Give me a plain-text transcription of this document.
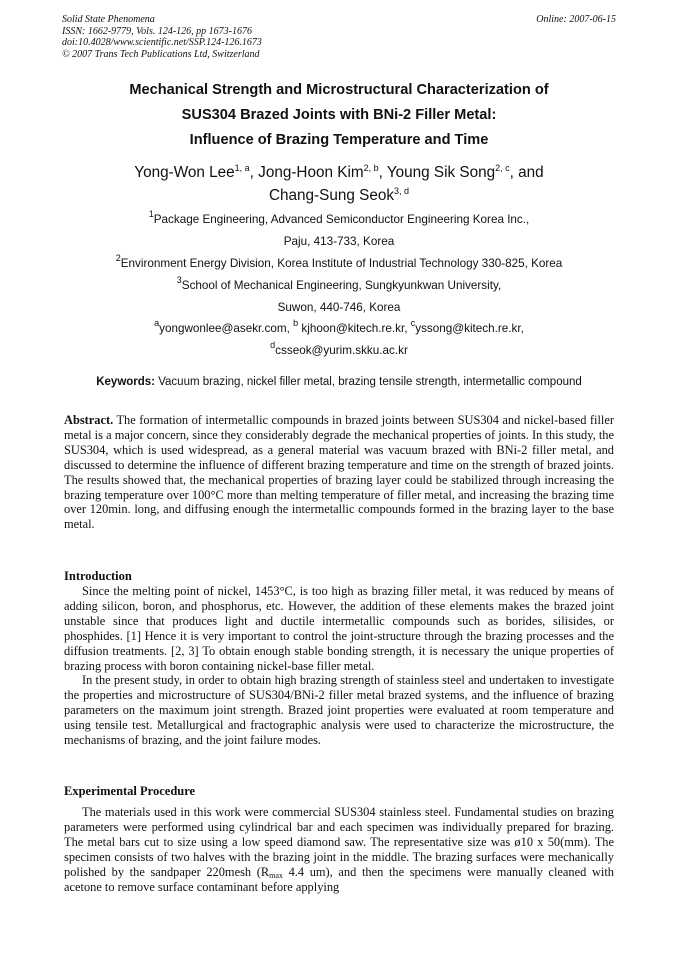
Solid State Phenomena
ISSN: 1662-9779, Vols. 124-126, pp 1673-1676
doi:10.4028/www.scientific.net/SSP.124-126.1673
© 2007 Trans Tech Publications Ltd, Switzerland
Online: 2007-06-15
Mechanical Strength and Microstructural Characterization of
SUS304 Brazed Joints with BNi-2 Filler Metal:
Influence of Brazing Temperature and Time
Yong-Won Lee$^{1, a}$, Jong-Hoon Kim$^{2, b}$, Young Sik Song$^{2, c}$, and
Chang-Sung Seok$^{3, d}$
$^1$Package Engineering, Advanced Semiconductor Engineering Korea Inc.,
Paju, 413-733, Korea
$^2$Environment Energy Division, Korea Institute of Industrial Technology 330-825, Korea
$^3$School of Mechanical Engineering, Sungkyunkwan University,
Suwon, 440-746, Korea
$^a$yongwonlee@asekr.com, $^b$ kjhoon@kitech.re.kr, $^c$yssong@kitech.re.kr,
$^d$csseok@yurim.skku.ac.kr
Keywords: Vacuum brazing, nickel filler metal, brazing tensile strength, intermetallic compound

Abstract. The formation of intermetallic compounds in brazed joints between SUS304 and nickel-based filler metal is a major concern, since they considerably degrade the mechanical properties of joints. In this study, the SUS304, which is used widespread, as a general material was vacuum brazed with BNi-2 filler metal, and discussed to determine the influence of different brazing temperature and time on the strength of brazed joints. The results showed that, the mechanical properties of brazing layer could be stabilized through increasing the brazing temperature over 100°C more than melting temperature of filler metal, and increasing the brazing time over 120min. long, and diffusing enough the intermetallic compounds formed in the brazing layer to the base metal.

Introduction

Since the melting point of nickel, 1453°C, is too high as brazing filler metal, it was reduced by means of adding silicon, boron, and phosphorus, etc. However, the addition of these elements makes the brazed joint unstable since that produces light and ductile intermetallic compounds such as borides, silisides, or phosphides. [1] Hence it is very important to control the joint-structure through the brazing processes and the diffusion treatments. [2, 3] To obtain enough stable bonding strength, it is necessary the unique properties of brazing process with boron containing nickel-base filler metal.

In the present study, in order to obtain high brazing strength of stainless steel and undertaken to investigate the properties and microstructure of SUS304/BNi-2 filler metal brazed systems, and the influence of brazing parameters on the maximum joint strength. Brazed joint properties were evaluated at room temperature and using tensile test. Metallurgical and fractographic analysis were used to characterize the microstructure, the mechanisms of brazing, and the joint failure modes.

Experimental Procedure

The materials used in this work were commercial SUS304 stainless steel. Fundamental studies on brazing parameters were performed using cylindrical bar and each specimen was individually prepared for brazing. The metal bars cut to size using a low speed diamond saw. The representative size was ø10 x 50(mm). The specimen consists of two halves with the brazing joint in the middle. The brazing surfaces were mechanically polished by the sandpaper 220mesh ($R_{max}$ 4.4 um), and then the specimens were manually cleaned with acetone to remove surface contaminant before applying
